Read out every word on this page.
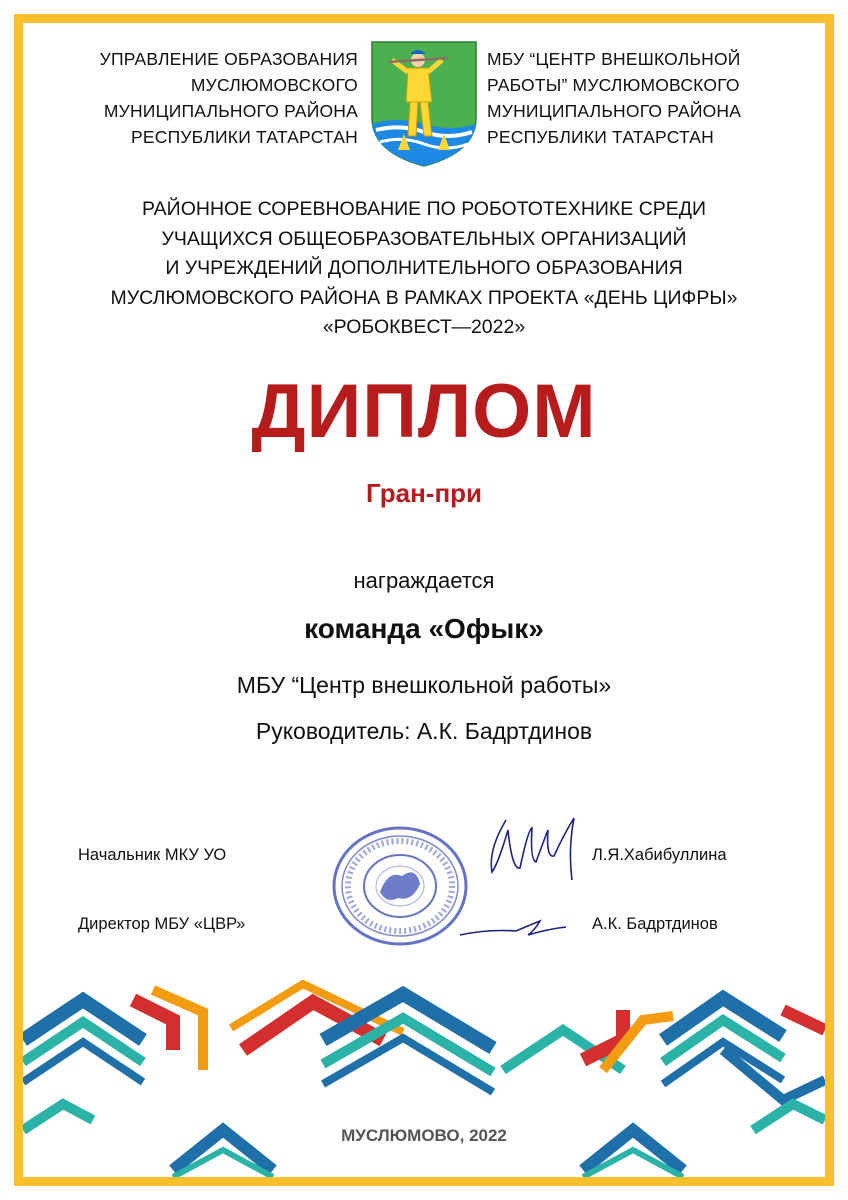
УПРАВЛЕНИЕ ОБРАЗОВАНИЯ
МУСЛЮМОВСКОГО
МУНИЦИПАЛЬНОГО РАЙОНА
РЕСПУБЛИКИ ТАТАРСТАН
МБУ “ЦЕНТР ВНЕШКОЛЬНОЙ
РАБОТЫ” МУСЛЮМОВСКОГО
МУНИЦИПАЛЬНОГО РАЙОНА
РЕСПУБЛИКИ ТАТАРСТАН
РАЙОННОЕ СОРЕВНОВАНИЕ ПО РОБОТОТЕХНИКЕ СРЕДИ
УЧАЩИХСЯ ОБЩЕОБРАЗОВАТЕЛЬНЫХ ОРГАНИЗАЦИЙ
И УЧРЕЖДЕНИЙ ДОПОЛНИТЕЛЬНОГО ОБРАЗОВАНИЯ
МУСЛЮМОВСКОГО РАЙОНА В РАМКАХ ПРОЕКТА «ДЕНЬ ЦИФРЫ»
«РОБОКВЕСТ—2022»
ДИПЛОМ
Гран-при
награждается
команда «Офык»
МБУ “Центр внешкольной работы»
Руководитель: А.К. Бадртдинов
Начальник МКУ УО	Л.Я.Хабибуллина
Директор МБУ «ЦВР»	А.К. Бадртдинов
МУСЛЮМОВО, 2022
